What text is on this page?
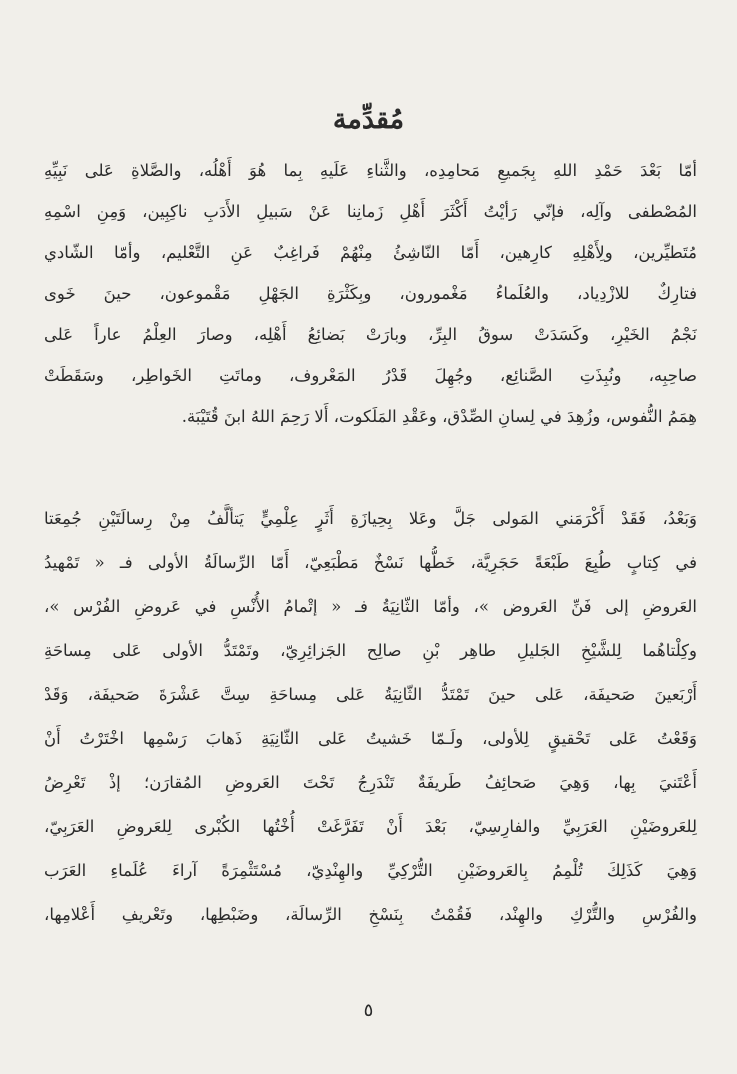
مُقدِّمة
أمّا بَعْدَ حَمْدِ اللهِ بِجَميعِ مَحامِدِه، والثَّناءِ عَلَيهِ بِما هُوَ أَهْلُه، والصَّلاةِ عَلى نَبِيِّهِ
المُصْطفى وآلِه، فإنّي رَأيْتُ أَكْثَرَ أَهْلِ زَمانِنا عَنْ سَبيلِ الأَدَبِ ناكِبِين، وَمِنِ اسْمِهِ
مُتَطيِّرين، ولِأَهْلِهِ كارِهين، أَمّا النّاشِئُ مِنْهُمْ فَراغِبٌ عَنِ التَّعْليم، وأمّا الشّادي
فتارِكٌ للازْدِياد، والعُلَماءُ مَغْمورون، وبِكَثْرَةِ الجَهْلِ مَقْموعون، حينَ خَوى
نَجْمُ الخَيْرِ، وكَسَدَتْ سوقُ البِرِّ، وبارَتْ بَضائِعُ أَهْلِه، وصارَ العِلْمُ عاراً عَلى
صاحِبِه، ونُبِذَتِ الصَّنائِع، وجُهِلَ قَدْرُ المَعْروف، وماتَتِ الخَواطِر، وسَقَطَتْ
هِمَمُ النُّفوس، وزُهِدَ في لِسانِ الصِّدْق، وعَقْدِ المَلَكوت، أَلا رَحِمَ اللهُ ابنَ قُتَيْبَة.
وَبَعْدُ، فَقَدْ أَكْرَمَني المَولى جَلَّ وعَلا بِحِيازَةِ أَثَرٍ عِلْمِيٍّ يَتألَّفُ مِنْ رِسالَتَيْنِ جُمِعَتا
في كِتابٍ طُبِعَ طَبْعَةً حَجَرِيَّة، خَطُّها نَسْخٌ مَطْبَعِيّ، أَمّا الرِّسالَةُ الأولى فـ « تَمْهيدُ
العَروضِ إلى فَنِّ العَروض »، وأمّا الثّانِيَةُ فـ « إتْمامُ الأُنْسِ في عَروضِ الفُرْس »،
وكِلْتاهُما لِلشَّيْخِ الجَليلِ طاهِر بْنِ صالِح الجَزائِرِيّ، وتَمْتَدُّ الأولى عَلى مِساحَةِ
أَرْبَعينَ صَحيفَة، عَلى حينَ تَمْتَدُّ الثّانِيَةُ عَلى مِساحَةِ سِتَّ عَشْرَةَ صَحيفَة، وَقَدْ
وَقَعْتُ عَلى تَحْقيقٍ لِلأولى، ولَـمّا خَشيتُ عَلى الثّانِيَةِ ذَهابَ رَسْمِها اخْتَرْتُ أَنْ
أَعْتَنيَ بِها، وَهِيَ صَحائِفُ طَريفَةٌ تَنْدَرِجُ تَحْتَ العَروضِ المُقارَن؛ إذْ تَعْرِضُ
لِلعَروضَيْنِ العَرَبِيِّ والفارِسِيّ، بَعْدَ أَنْ تَفَرَّغَتْ أُخْتُها الكُبْرى لِلعَروضِ العَرَبِيّ،
وَهِيَ كَذَلِكَ تُلْمِمُ بِالعَروضَيْنِ التُّرْكِيِّ والهِنْدِيّ، مُسْتَثْمِرَةً آراءَ عُلَماءِ العَرَب
والفُرْسِ والتُّرْكِ والهِنْد، فَقُمْتُ بِنَسْخِ الرِّسالَة، وضَبْطِها، وتَعْريفِ أَعْلامِها،
٥
